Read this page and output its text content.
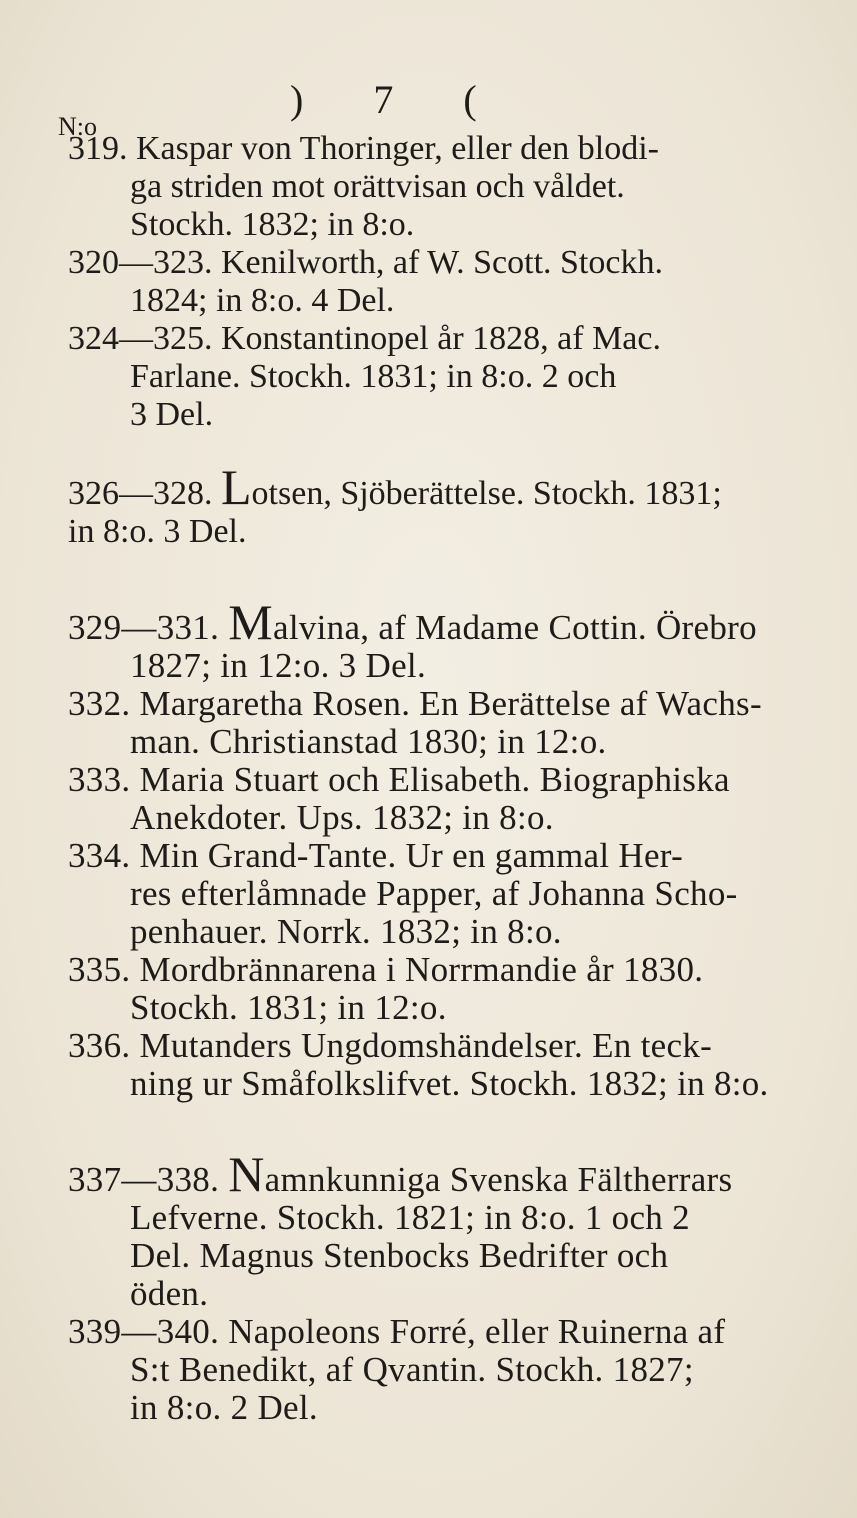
) 7 (
N:o
319. Kaspar von Thoringer, eller den blodi-
ga striden mot orättvisan och våldet.
Stockh. 1832; in 8:o.
320—323. Kenilworth, af W. Scott. Stockh.
1824; in 8:o. 4 Del.
324—325. Konstantinopel år 1828, af Mac.
Farlane. Stockh. 1831; in 8:o. 2 och
3 Del.
326—328. Lotsen, Sjöberättelse. Stockh. 1831;
in 8:o. 3 Del.
329—331. Malvina, af Madame Cottin. Örebro
1827; in 12:o. 3 Del.
332. Margaretha Rosen. En Berättelse af Wachs-
man. Christianstad 1830; in 12:o.
333. Maria Stuart och Elisabeth. Biographiska
Anekdoter. Ups. 1832; in 8:o.
334. Min Grand-Tante. Ur en gammal Her-
res efterlåmnade Papper, af Johanna Scho-
penhauer. Norrk. 1832; in 8:o.
335. Mordbrännarena i Norrmandie år 1830.
Stockh. 1831; in 12:o.
336. Mutanders Ungdomshändelser. En teck-
ning ur Småfolkslifvet. Stockh. 1832; in 8:o.
337—338. Namnkunniga Svenska Fältherrars
Lefverne. Stockh. 1821; in 8:o. 1 och 2
Del. Magnus Stenbocks Bedrifter och
öden.
339—340. Napoleons Forré, eller Ruinerna af
S:t Benedikt, af Qvantin. Stockh. 1827;
in 8:o. 2 Del.
